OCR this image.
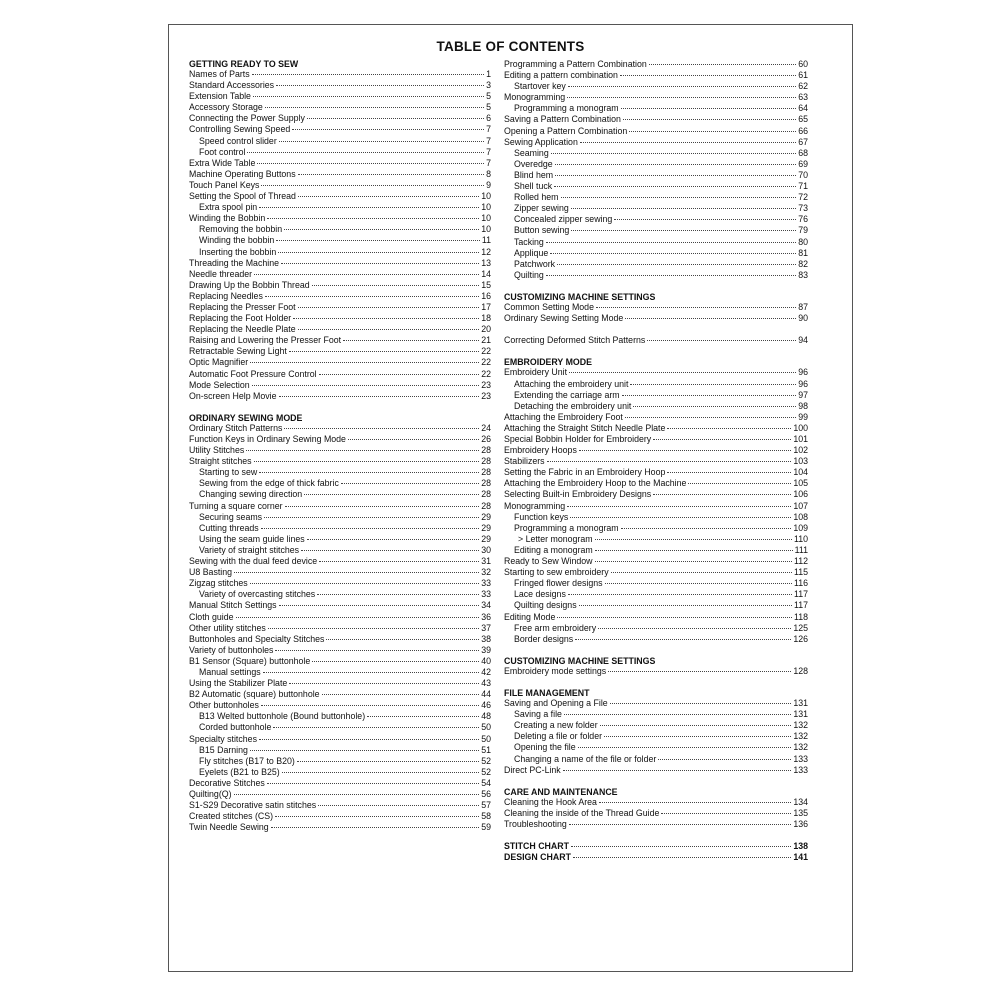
TABLE OF CONTENTS
GETTING READY TO SEW
Names of Parts	1
Standard Accessories	3
Extension Table	5
Accessory Storage	5
Connecting the Power Supply	6
Controlling Sewing Speed	7
Speed control slider	7
Foot control	7
Extra Wide Table	7
Machine Operating Buttons	8
Touch Panel Keys	9
Setting the Spool of Thread	10
Extra spool pin	10
Winding the Bobbin	10
Removing the bobbin	10
Winding the bobbin	11
Inserting the bobbin	12
Threading the Machine	13
Needle threader	14
Drawing Up the Bobbin Thread	15
Replacing Needles	16
Replacing the Presser Foot	17
Replacing the Foot Holder	18
Replacing the Needle Plate	20
Raising and Lowering the Presser Foot	21
Retractable Sewing Light	22
Optic Magnifier	22
Automatic Foot Pressure Control	22
Mode Selection	23
On-screen Help Movie	23
ORDINARY SEWING MODE
Ordinary Stitch Patterns	24
Function Keys in Ordinary Sewing Mode	26
Utility Stitches	28
Straight stitches	28
Starting to sew	28
Sewing from the edge of thick fabric	28
Changing sewing direction	28
Turning a square corner	28
Securing seams	29
Cutting threads	29
Using the seam guide lines	29
Variety of straight stitches	30
Sewing with the dual feed device	31
U8 Basting	32
Zigzag stitches	33
Variety of overcasting stitches	33
Manual Stitch Settings	34
Cloth guide	36
Other utility stitches	37
Buttonholes and Specialty Stitches	38
Variety of buttonholes	39
B1 Sensor (Square) buttonhole	40
Manual settings	42
Using the Stabilizer Plate	43
B2 Automatic (square) buttonhole	44
Other buttonholes	46
B13 Welted buttonhole (Bound buttonhole)	48
Corded buttonhole	50
Specialty stitches	50
B15 Darning	51
Fly stitches (B17 to B20)	52
Eyelets (B21 to B25)	52
Decorative Stitches	54
Quilting(Q)	56
S1-S29 Decorative satin stitches	57
Created stitches (CS)	58
Twin Needle Sewing	59
Programming a Pattern Combination	60
Editing a pattern combination	61
Startover key	62
Monogramming	63
Programming a monogram	64
Saving a Pattern Combination	65
Opening a Pattern Combination	66
Sewing Application	67
Seaming	68
Overedge	69
Blind hem	70
Shell tuck	71
Rolled hem	72
Zipper sewing	73
Concealed zipper sewing	76
Button sewing	79
Tacking	80
Applique	81
Patchwork	82
Quilting	83
CUSTOMIZING MACHINE SETTINGS
Common Setting Mode	87
Ordinary Sewing Setting Mode	90
Correcting Deformed Stitch Patterns	94
EMBROIDERY MODE
Embroidery Unit	96
Attaching the embroidery unit	96
Extending the carriage arm	97
Detaching the embroidery unit	98
Attaching the Embroidery Foot	99
Attaching the Straight Stitch Needle Plate	100
Special Bobbin Holder for Embroidery	101
Embroidery Hoops	102
Stabilizers	103
Setting the Fabric in an Embroidery Hoop	104
Attaching the Embroidery Hoop to the Machine	105
Selecting Built-in Embroidery Designs	106
Monogramming	107
Function keys	108
Programming a monogram	109
> Letter monogram	110
Editing a monogram	111
Ready to Sew Window	112
Starting to sew embroidery	115
Fringed flower designs	116
Lace designs	117
Quilting designs	117
Editing Mode	118
Free arm embroidery	125
Border designs	126
CUSTOMIZING MACHINE SETTINGS
Embroidery mode settings	128
FILE MANAGEMENT
Saving and Opening a File	131
Saving a file	131
Creating a new folder	132
Deleting a file or folder	132
Opening the file	132
Changing a name of the file or folder	133
Direct PC-Link	133
CARE AND MAINTENANCE
Cleaning the Hook Area	134
Cleaning the inside of the Thread Guide	135
Troubleshooting	136
STITCH CHART	138
DESIGN CHART	141
